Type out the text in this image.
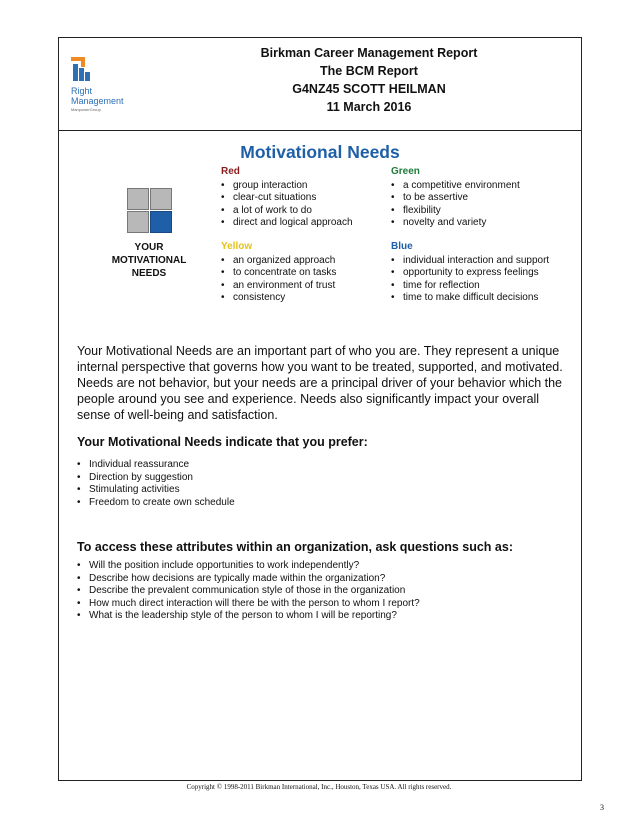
Right
Management
ManpowerGroup
Birkman Career Management Report
The BCM Report
G4NZ45 SCOTT HEILMAN
11 March 2016
Motivational Needs
YOUR
MOTIVATIONAL
NEEDS
Red
• group interaction
• clear-cut situations
• a lot of work to do
• direct and logical approach
Green
• a competitive environment
• to be assertive
• flexibility
• novelty and variety
Yellow
• an organized approach
• to concentrate on tasks
• an environment of trust
• consistency
Blue
• individual interaction and support
• opportunity to express feelings
• time for reflection
• time to make difficult decisions
Your Motivational Needs are an important part of who you are. They represent a unique internal perspective that governs how you want to be treated, supported, and motivated. Needs are not behavior, but your needs are a principal driver of your behavior which the people around you see and experience. Needs also significantly impact your overall sense of well-being and satisfaction.
Your Motivational Needs indicate that you prefer:
• Individual reassurance
• Direction by suggestion
• Stimulating activities
• Freedom to create own schedule
To access these attributes within an organization, ask questions such as:
• Will the position include opportunities to work independently?
• Describe how decisions are typically made within the organization?
• Describe the prevalent communication style of those in the organization
• How much direct interaction will there be with the person to whom I report?
• What is the leadership style of the person to whom I will be reporting?
Copyright © 1998-2011 Birkman International, Inc., Houston, Texas USA. All rights reserved.
3
